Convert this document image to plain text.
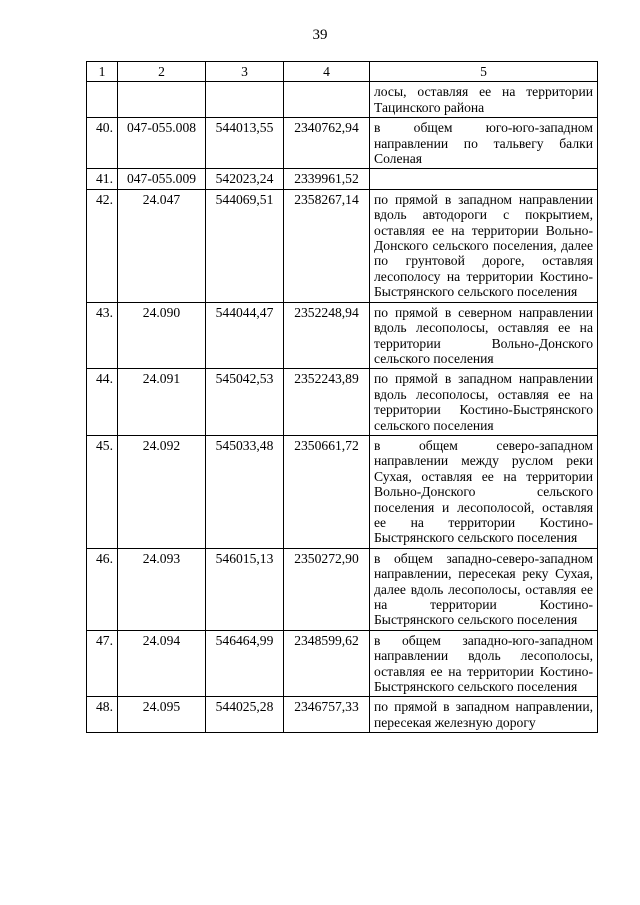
39
1	2	3	4	5
				лосы, оставляя ее на территории Тацинского района
40.	047-055.008	544013,55	2340762,94	в общем юго-юго-западном направлении по тальвегу балки Соленая
41.	047-055.009	542023,24	2339961,52	
42.	24.047	544069,51	2358267,14	по прямой в западном направлении вдоль автодороги с покрытием, оставляя ее на территории Вольно-Донского сельского поселения, далее по грунтовой дороге, оставляя лесополосу на территории Костино-Быстрянского сельского поселения
43.	24.090	544044,47	2352248,94	по прямой в северном направлении вдоль лесополосы, оставляя ее на территории Вольно-Донского сельского поселения
44.	24.091	545042,53	2352243,89	по прямой в западном направлении вдоль лесополосы, оставляя ее на территории Костино-Быстрянского сельского поселения
45.	24.092	545033,48	2350661,72	в общем северо-западном направлении между руслом реки Сухая, оставляя ее на территории Вольно-Донского сельского поселения и лесополосой, оставляя ее на территории Костино-Быстрянского сельского поселения
46.	24.093	546015,13	2350272,90	в общем западно-северо-западном направлении, пересекая реку Сухая, далее вдоль лесополосы, оставляя ее на территории Костино-Быстрянского сельского поселения
47.	24.094	546464,99	2348599,62	в общем западно-юго-западном направлении вдоль лесополосы, оставляя ее на территории Костино-Быстрянского сельского поселения
48.	24.095	544025,28	2346757,33	по прямой в западном направлении, пересекая железную дорогу
